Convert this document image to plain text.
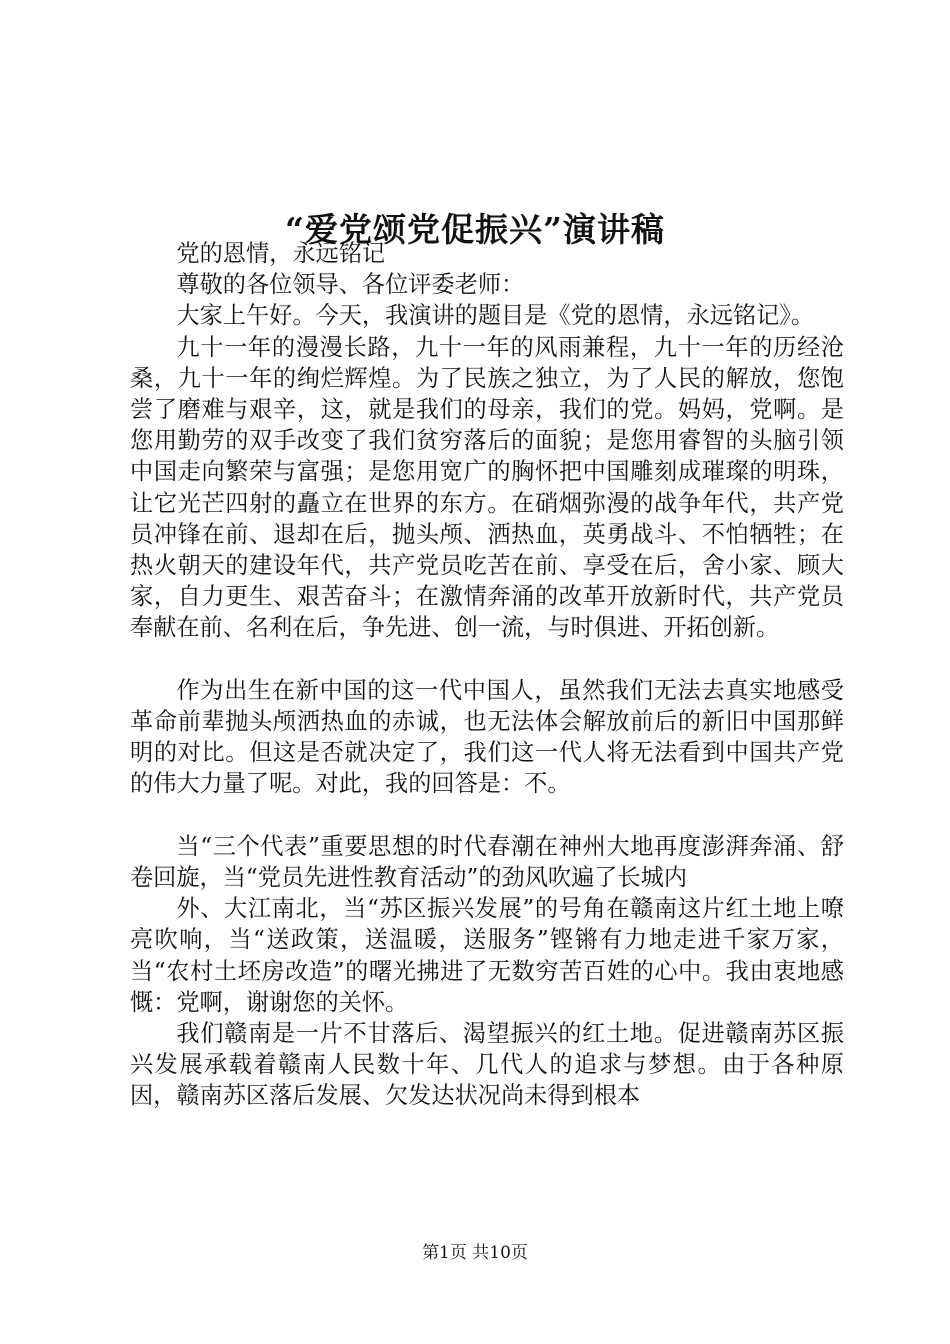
“爱党颂党促振兴”演讲稿

党的恩情，永远铭记

尊敬的各位领导、各位评委老师：

大家上午好。今天，我演讲的题目是《党的恩情，永远铭记》。

九十一年的漫漫长路，九十一年的风雨兼程，九十一年的历经沧桑，九十一年的绚烂辉煌。为了民族之独立，为了人民的解放，您饱尝了磨难与艰辛，这，就是我们的母亲，我们的党。妈妈，党啊。是您用勤劳的双手改变了我们贫穷落后的面貌；是您用睿智的头脑引领中国走向繁荣与富强；是您用宽广的胸怀把中国雕刻成璀璨的明珠，让它光芒四射的矗立在世界的东方。在硝烟弥漫的战争年代，共产党员冲锋在前、退却在后，抛头颅、洒热血，英勇战斗、不怕牺牲；在热火朝天的建设年代，共产党员吃苦在前、享受在后，舍小家、顾大家，自力更生、艰苦奋斗；在激情奔涌的改革开放新时代，共产党员奉献在前、名利在后，争先进、创一流，与时俱进、开拓创新。

作为出生在新中国的这一代中国人，虽然我们无法去真实地感受革命前辈抛头颅洒热血的赤诚，也无法体会解放前后的新旧中国那鲜明的对比。但这是否就决定了，我们这一代人将无法看到中国共产党的伟大力量了呢。对此，我的回答是：不。

当“三个代表”重要思想的时代春潮在神州大地再度澎湃奔涌、舒卷回旋，当“党员先进性教育活动”的劲风吹遍了长城内

外、大江南北，当“苏区振兴发展”的号角在赣南这片红土地上嘹亮吹响，当“送政策，送温暖，送服务”铿锵有力地走进千家万家，当“农村土坯房改造”的曙光拂进了无数穷苦百姓的心中。我由衷地感慨：党啊，谢谢您的关怀。

我们赣南是一片不甘落后、渴望振兴的红土地。促进赣南苏区振兴发展承载着赣南人民数十年、几代人的追求与梦想。由于各种原因，赣南苏区落后发展、欠发达状况尚未得到根本

第1页 共10页
